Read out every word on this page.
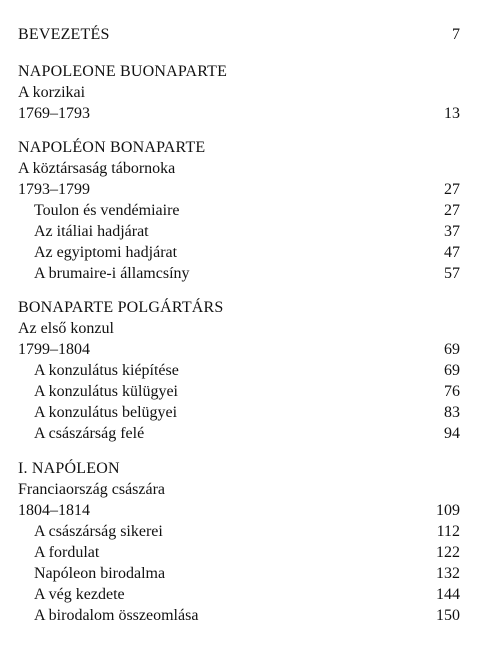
BEVEZETÉS	7
NAPOLEONE BUONAPARTE
A korzikai
1769–1793	13
NAPOLÉON BONAPARTE
A köztársaság tábornoka
1793–1799	27
Toulon és vendémiaire	27
Az itáliai hadjárat	37
Az egyiptomi hadjárat	47
A brumaire-i államcsíny	57
BONAPARTE POLGÁRTÁRS
Az első konzul
1799–1804	69
A konzulátus kiépítése	69
A konzulátus külügyei	76
A konzulátus belügyei	83
A császárság felé	94
I. NAPÓLEON
Franciaország császára
1804–1814	109
A császárság sikerei	112
A fordulat	122
Napóleon birodalma	132
A vég kezdete	144
A birodalom összeomlása	150
